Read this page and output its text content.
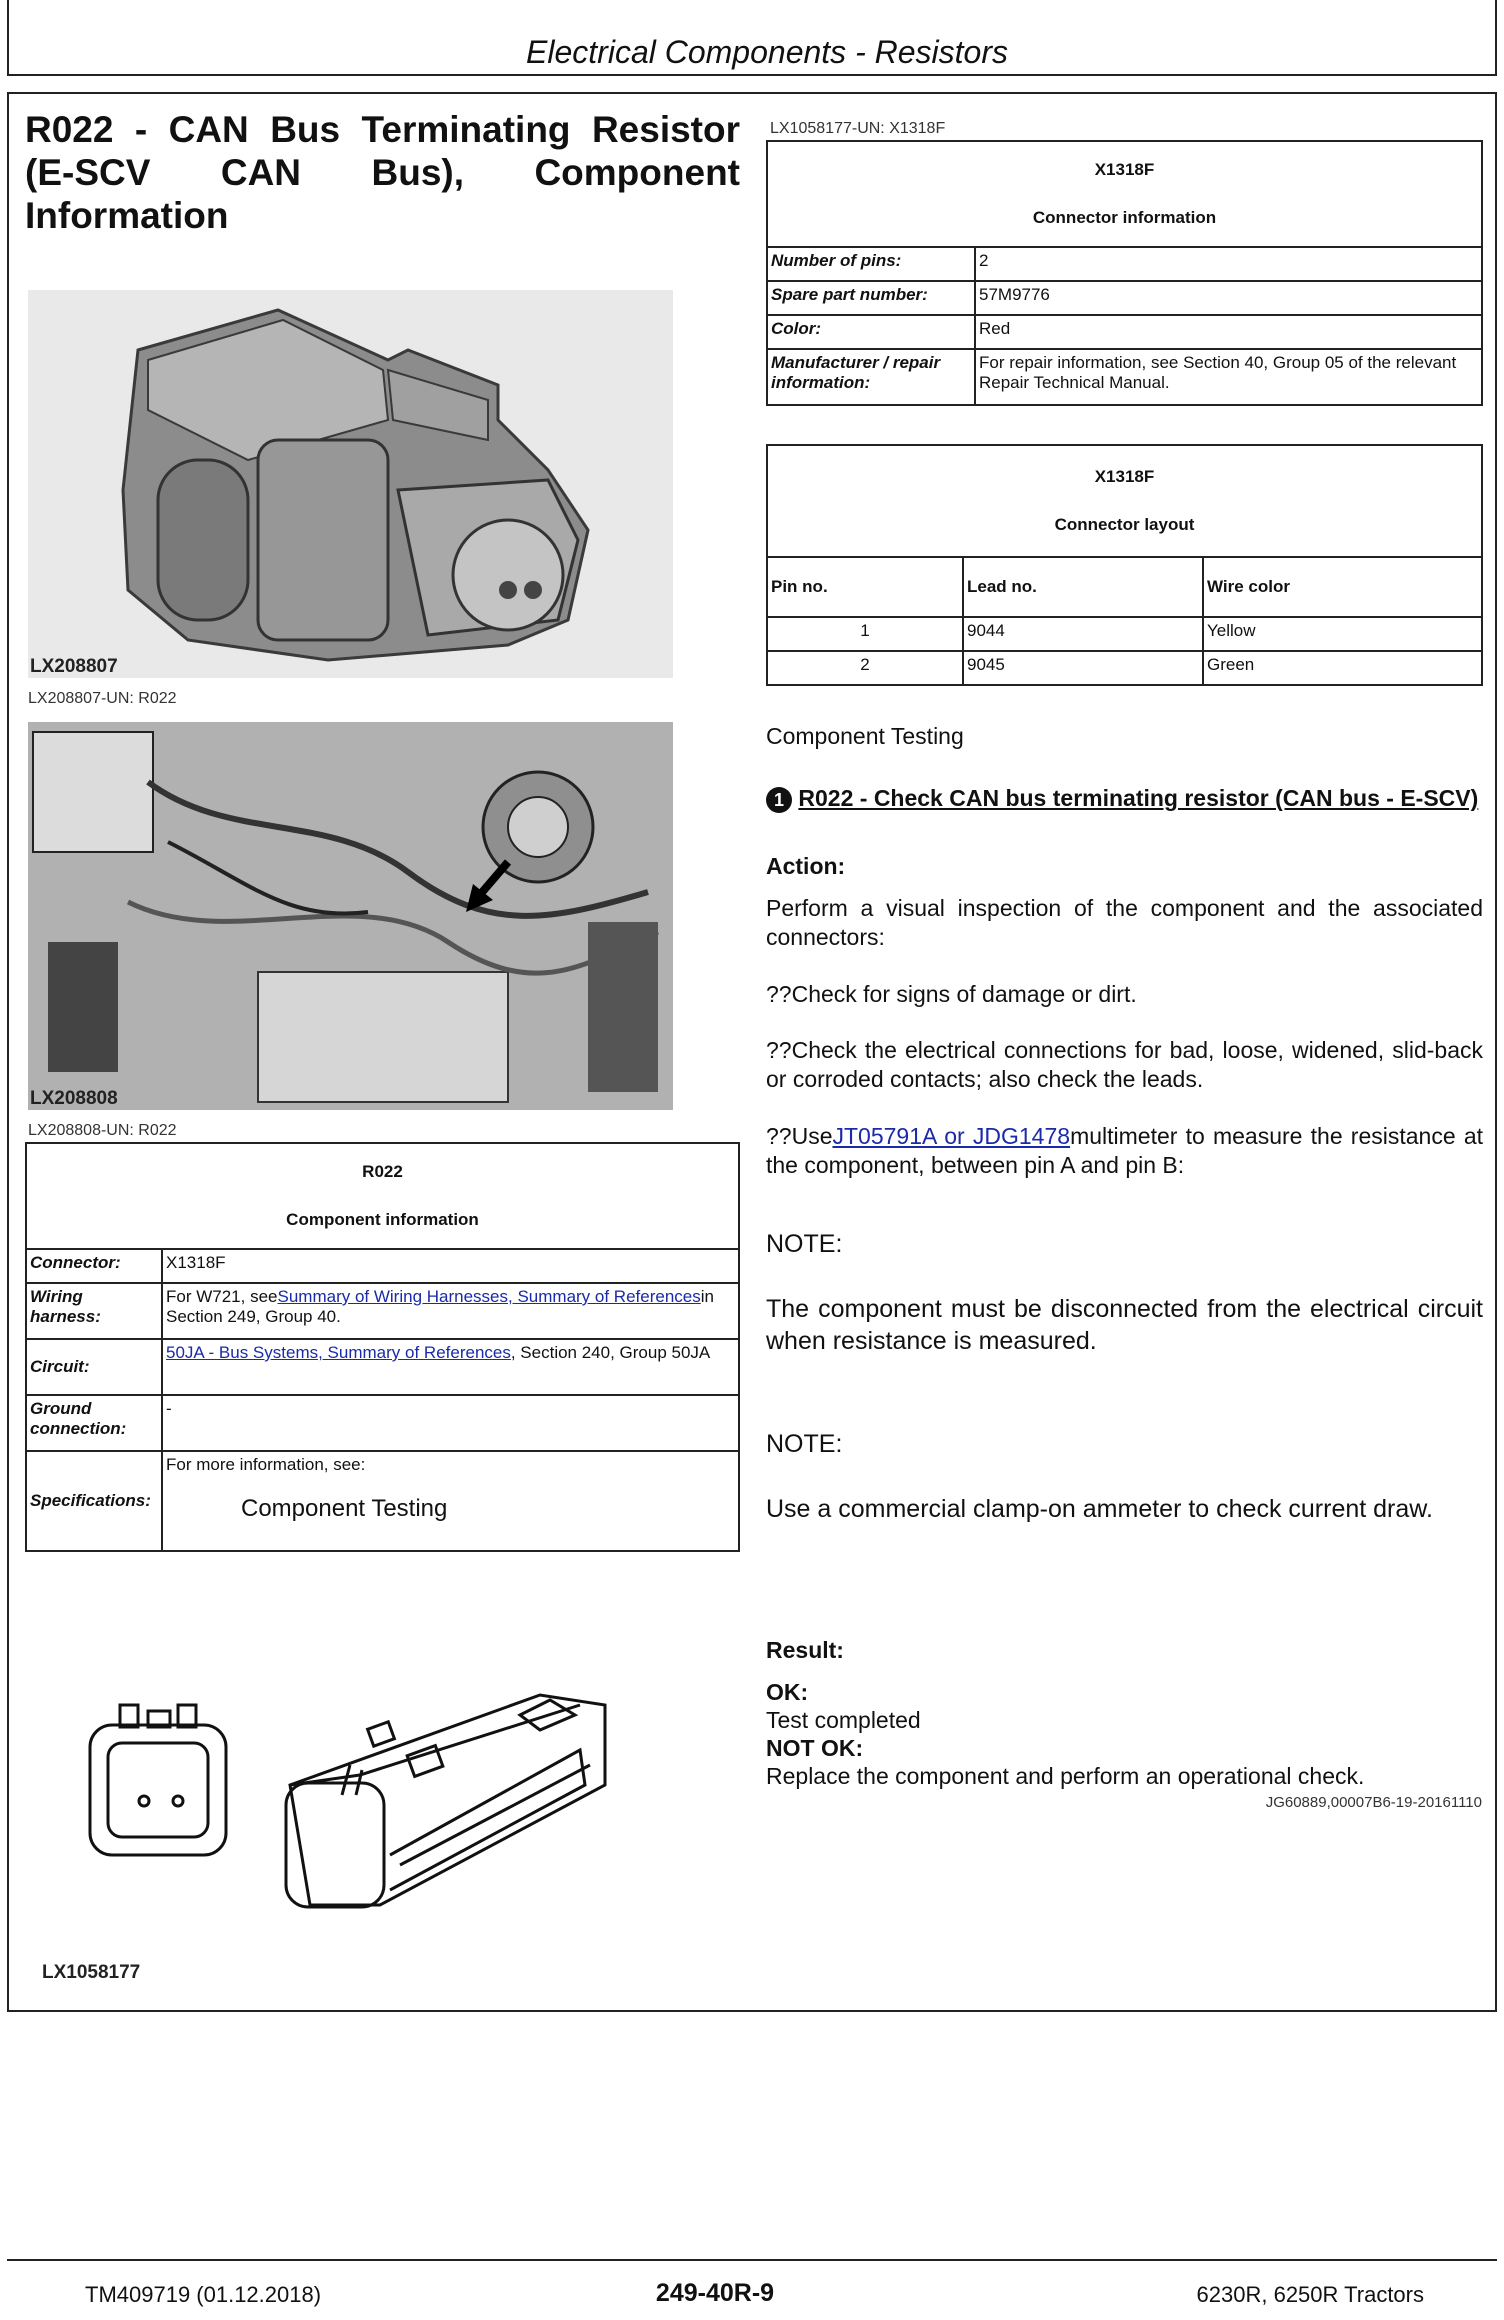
Electrical Components - Resistors
R022 - CAN Bus Terminating Resistor
(E-SCV CAN Bus), Component
Information
LX208807
LX208807-UN: R022
LX208808
LX208808-UN: R022
R022
Component information	

Connector:	X1318F
Wiring harness:	For W721, seeSummary of Wiring Harnesses, Summary of Referencesin Section 249, Group 40.
Circuit:	50JA - Bus Systems, Summary of References, Section 240, Group 50JA
Ground connection:	-
Specifications:	For more information, see:
Component Testing
LX1058177
LX1058177-UN: X1318F
X1318F
Connector information	

Number of pins:	2
Spare part number:	57M9776
Color:	Red
Manufacturer / repair information:	For repair information, see Section 40, Group 05 of the relevant Repair Technical Manual.
X1318F
Connector layout		

Pin no.	Lead no.	Wire color
1	9044	Yellow
2	9045	Green
Component Testing
1 R022 - Check CAN bus terminating resistor (CAN bus - E-SCV)
Action:
Perform a visual inspection of the component and the associated connectors:
??Check for signs of damage or dirt.
??Check the electrical connections for bad, loose, widened, slid-back or corroded contacts; also check the leads.
??UseJT05791A or JDG1478multimeter to measure the resistance at the component, between pin A and pin B:
NOTE:
The component must be disconnected from the electrical circuit when resistance is measured.
NOTE:
Use a commercial clamp-on ammeter to check current draw.
Result:
OK:
Test completed
NOT OK:
Replace the component and perform an operational check.
JG60889,00007B6-19-20161110
TM409719 (01.12.2018)	249-40R-9	6230R, 6250R Tractors
